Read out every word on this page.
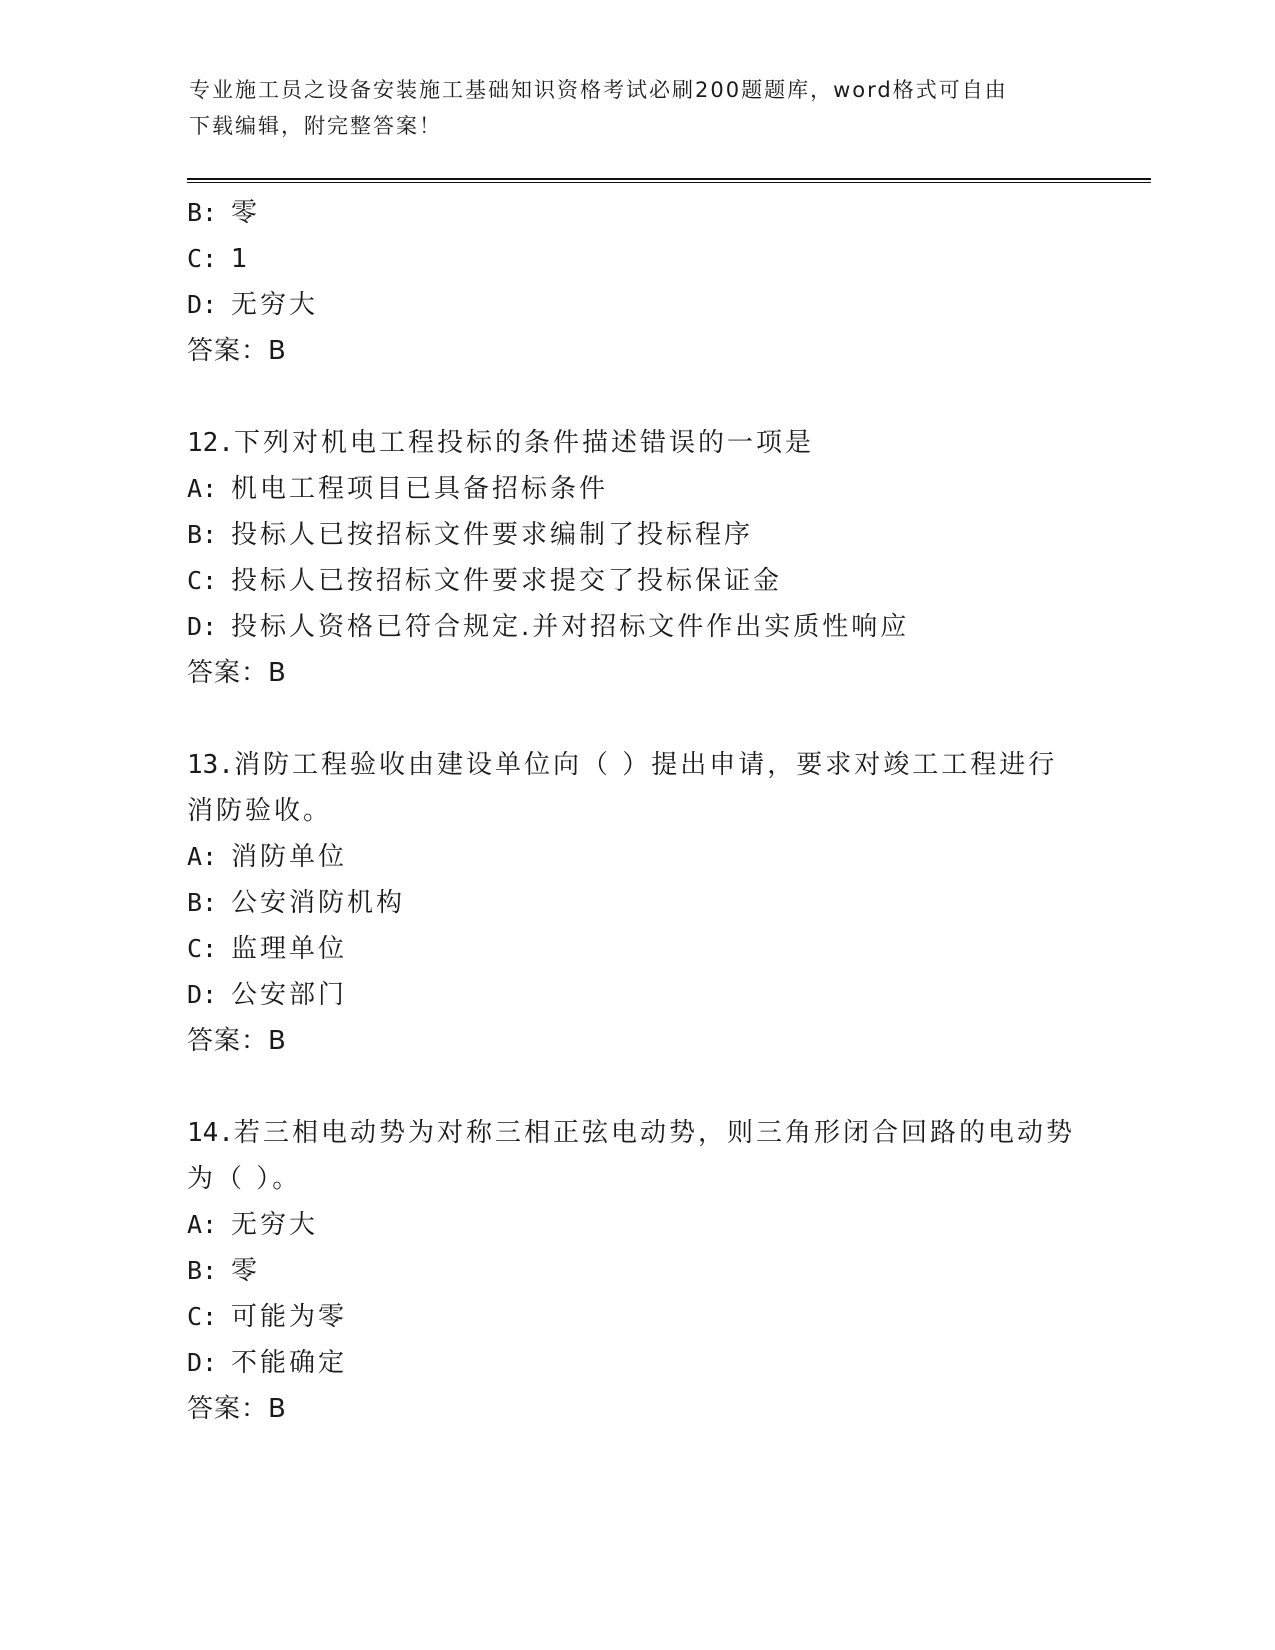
专业施工员之设备安装施工基础知识资格考试必刷200题题库，word格式可自由
下载编辑，附完整答案！
B: 零
C: 1
D: 无穷大
答案：B
12.下列对机电工程投标的条件描述错误的一项是
A: 机电工程项目已具备招标条件
B: 投标人已按招标文件要求编制了投标程序
C: 投标人已按招标文件要求提交了投标保证金
D: 投标人资格已符合规定.并对招标文件作出实质性响应
答案：B
13.消防工程验收由建设单位向（ ）提出申请，要求对竣工工程进行
消防验收。
A: 消防单位
B: 公安消防机构
C: 监理单位
D: 公安部门
答案：B
14.若三相电动势为对称三相正弦电动势，则三角形闭合回路的电动势
为（ ）。
A: 无穷大
B: 零
C: 可能为零
D: 不能确定
答案：B
